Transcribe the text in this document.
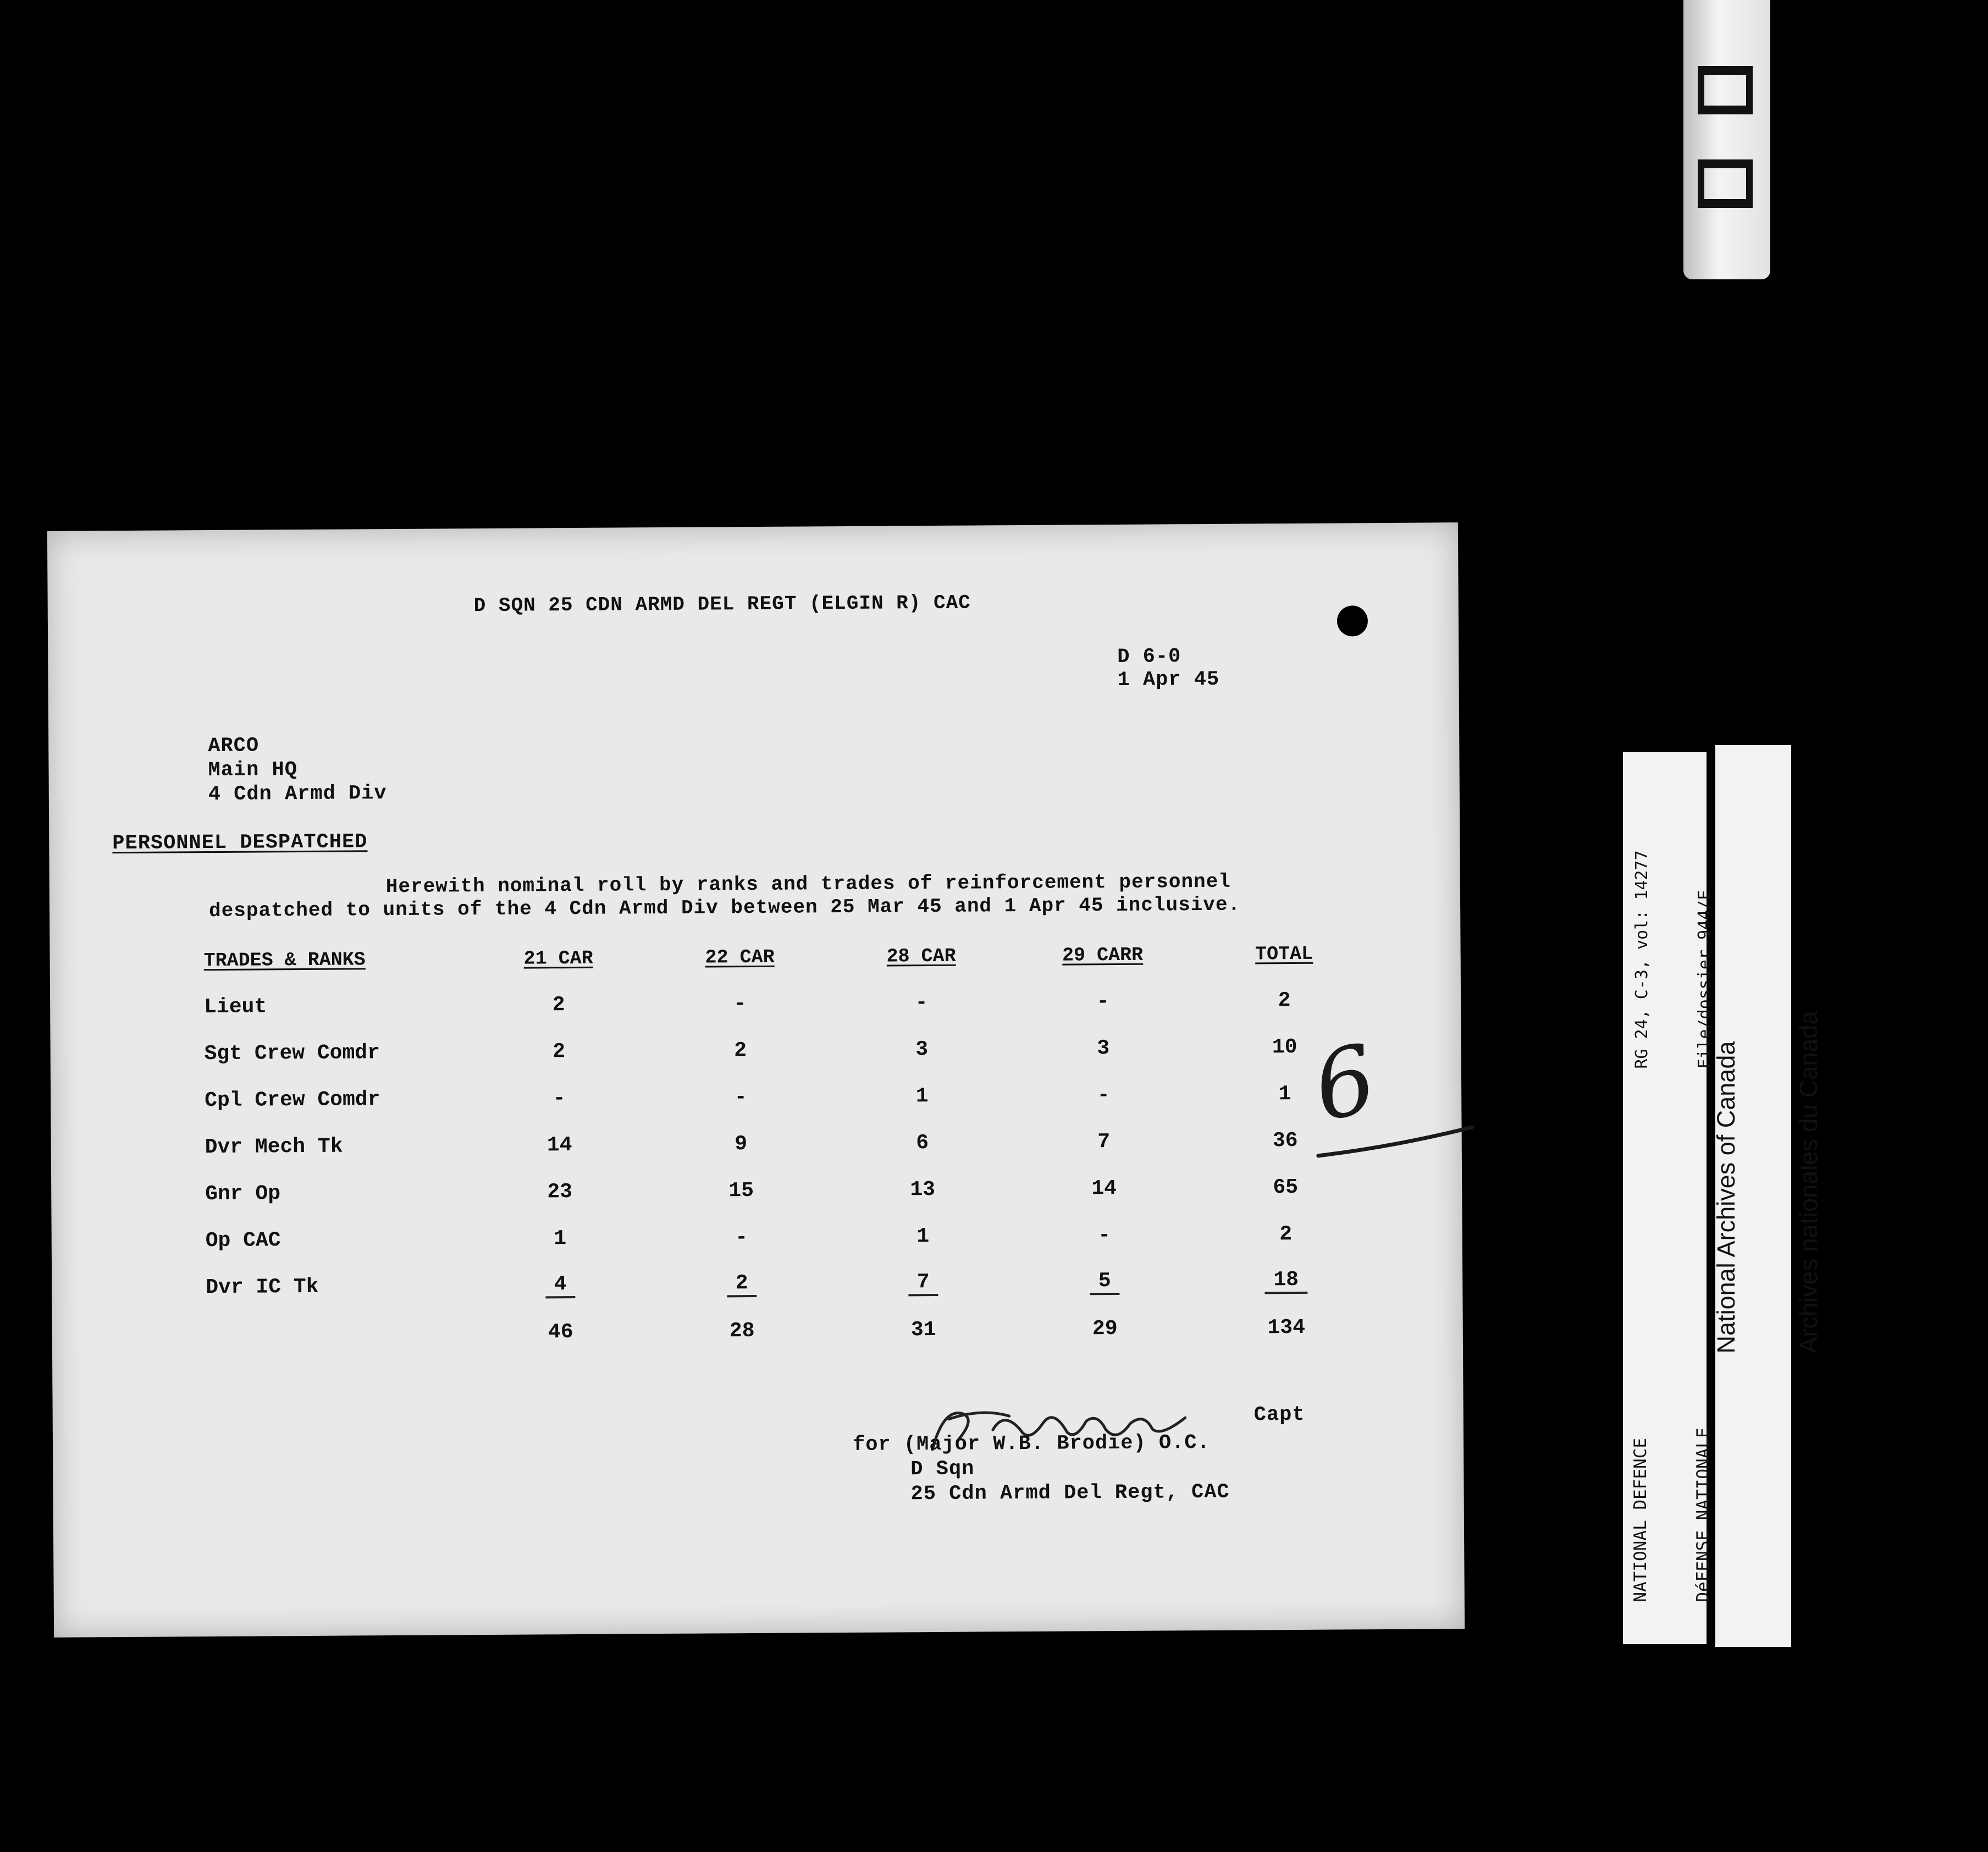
RG 24, C-3, vol: 14277

	File/dossier 944/E

NATIONAL DEFENCE

	DéFENSE NATIONALE

National Archives of Canada

Archives nationales du Canada

D SQN 25 CDN ARMD DEL REGT (ELGIN R) CAC
D 6-0
1 Apr 45
ARCO
Main HQ
4 Cdn Armd Div
PERSONNEL DESPATCHED
Herewith nominal roll by ranks and trades of reinforcement personnel
despatched to units of the 4 Cdn Armd Div between 25 Mar 45 and 1 Apr 45 inclusive.
TRADES & RANKS	21 CAR	22 CAR	28 CAR	29 CARR	TOTAL
Lieut	2	-	-	-	2
Sgt Crew Comdr	2	2	3	3	10
Cpl Crew Comdr	-	-	1	-	1
Dvr Mech Tk	14	9	6	7	36
Gnr Op	23	15	13	14	65
Op CAC	1	-	1	-	2
Dvr IC Tk	4	2	7	5	18
	46	28	31	29	134
6
Capt
for (Major W.B. Brodie) O.C.
D Sqn
25 Cdn Armd Del Regt, CAC
